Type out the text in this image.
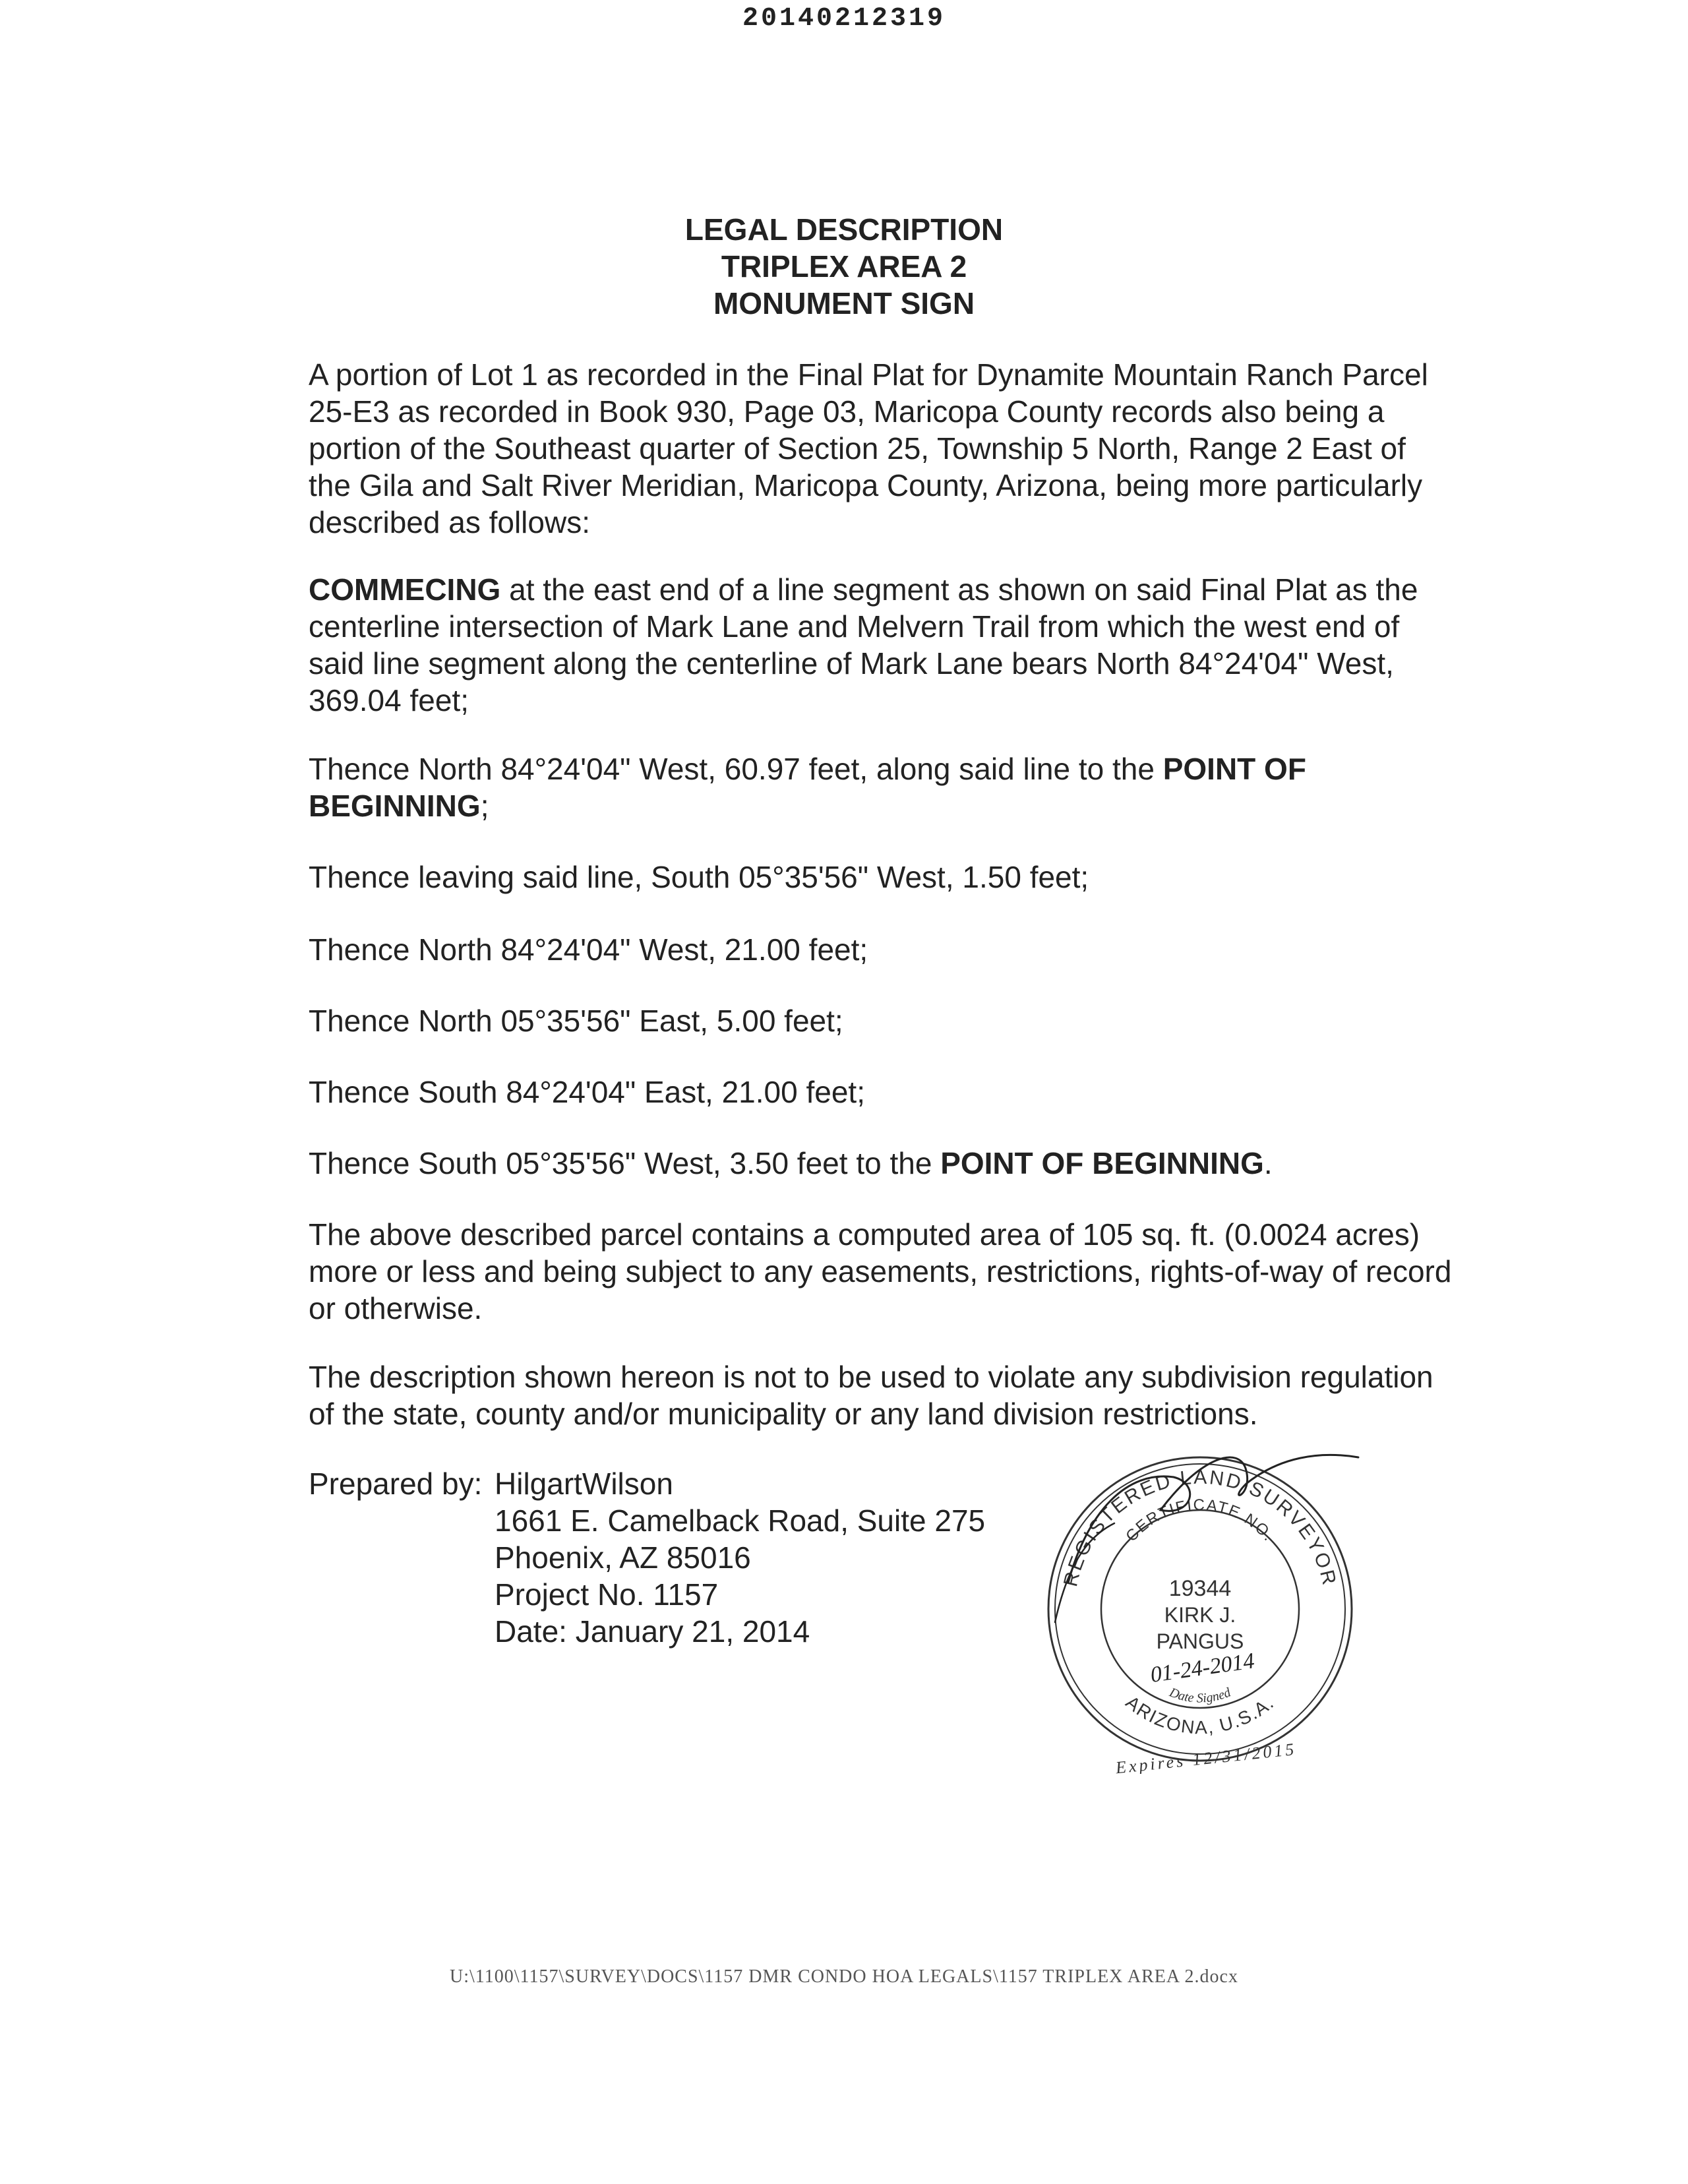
20140212319
LEGAL DESCRIPTION
TRIPLEX AREA 2
MONUMENT SIGN

A portion of Lot 1 as recorded in the Final Plat for Dynamite Mountain Ranch Parcel 25-E3 as recorded in Book 930, Page 03, Maricopa County records also being a portion of the Southeast quarter of Section 25, Township 5 North, Range 2 East of the Gila and Salt River Meridian, Maricopa County, Arizona, being more particularly described as follows:

COMMECING at the east end of a line segment as shown on said Final Plat as the centerline intersection of Mark Lane and Melvern Trail from which the west end of said line segment along the centerline of Mark Lane bears North 84°24'04" West, 369.04 feet;

Thence North 84°24'04" West, 60.97 feet, along said line to the POINT OF BEGINNING;

Thence leaving said line, South 05°35'56" West, 1.50 feet;

Thence North 84°24'04" West, 21.00 feet;

Thence North 05°35'56" East, 5.00 feet;

Thence South 84°24'04" East, 21.00 feet;

Thence South 05°35'56" West, 3.50 feet to the POINT OF BEGINNING.

The above described parcel contains a computed area of 105 sq. ft. (0.0024 acres) more or less and being subject to any easements, restrictions, rights-of-way of record or otherwise.

The description shown hereon is not to be used to violate any subdivision regulation of the state, county and/or municipality or any land division restrictions.

Prepared by: HilgartWilson
1661 E. Camelback Road, Suite 275
Phoenix, AZ 85016
Project No. 1157
Date: January 21, 2014
REGISTERED LAND SURVEYOR
CERTIFICATE NO.
ARIZONA, U.S.A.
19344
KIRK J.
PANGUS
01-24-2014
Date Signed
Expires 12/31/2015
U:\1100\1157\SURVEY\DOCS\1157 DMR CONDO HOA LEGALS\1157 TRIPLEX AREA 2.docx
